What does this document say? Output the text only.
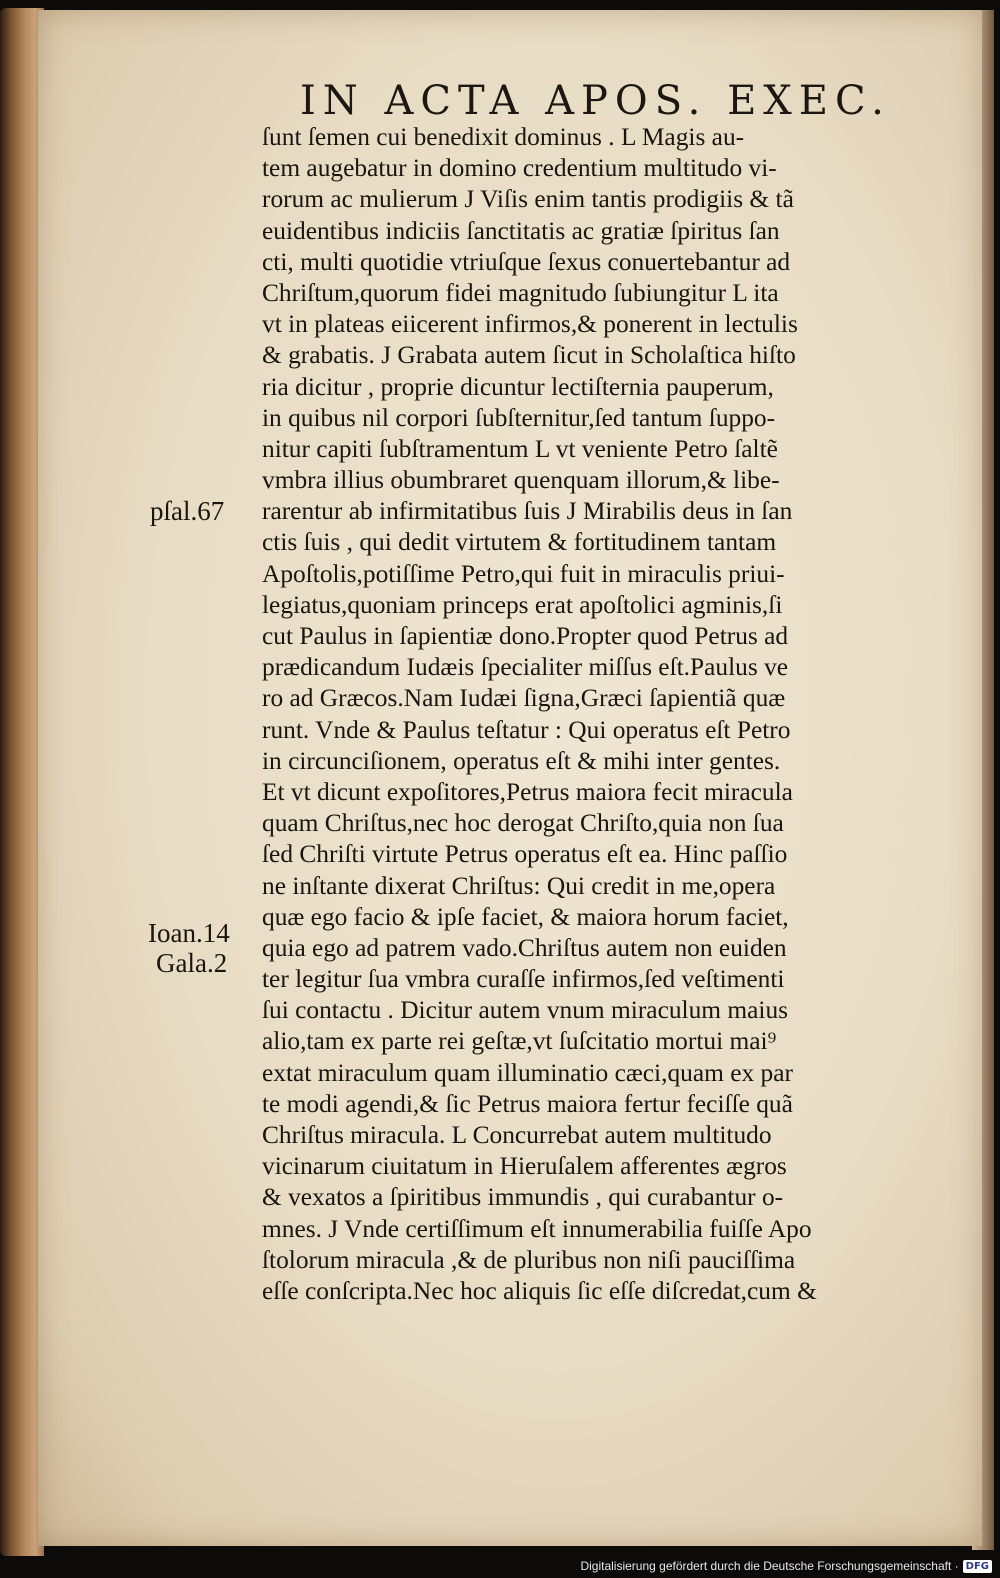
IN ACTA APOS. EXEC.
ſunt ſemen cui benedixit dominus . L Magis au-
tem augebatur in domino credentium multitudo vi-
rorum ac mulierum J Viſis enim tantis prodigiis & tã
euidentibus indiciis ſanctitatis ac gratiæ ſpiritus ſan
cti, multi quotidie vtriuſque ſexus conuertebantur ad
Chriſtum,quorum fidei magnitudo ſubiungitur L ita
vt in plateas eiicerent infirmos,& ponerent in lectulis
& grabatis. J Grabata autem ſicut in Scholaſtica hiſto
ria dicitur , proprie dicuntur lectiſternia pauperum,
in quibus nil corpori ſubſternitur,ſed tantum ſuppo-
nitur capiti ſubſtramentum L vt veniente Petro ſaltẽ
vmbra illius obumbraret quenquam illorum,& libe-
rarentur ab infirmitatibus ſuis J Mirabilis deus in ſan
ctis ſuis , qui dedit virtutem & fortitudinem tantam
Apoſtolis,potiſſime Petro,qui fuit in miraculis priui-
legiatus,quoniam princeps erat apoſtolici agminis,ſi
cut Paulus in ſapientiæ dono.Propter quod Petrus ad
prædicandum Iudæis ſpecialiter miſſus eſt.Paulus ve
ro ad Græcos.Nam Iudæi ſigna,Græci ſapientiã quæ
runt. Vnde & Paulus teſtatur : Qui operatus eſt Petro
in circunciſionem, operatus eſt & mihi inter gentes.
Et vt dicunt expoſitores,Petrus maiora fecit miracula
quam Chriſtus,nec hoc derogat Chriſto,quia non ſua
ſed Chriſti virtute Petrus operatus eſt ea. Hinc paſſio
ne inſtante dixerat Chriſtus: Qui credit in me,opera
quæ ego facio & ipſe faciet, & maiora horum faciet,
quia ego ad patrem vado.Chriſtus autem non euiden
ter legitur ſua vmbra curaſſe infirmos,ſed veſtimenti
ſui contactu . Dicitur autem vnum miraculum maius
alio,tam ex parte rei geſtæ,vt ſuſcitatio mortui mai⁹
extat miraculum quam illuminatio cæci,quam ex par
te modi agendi,& ſic Petrus maiora fertur feciſſe quã
Chriſtus miracula. L Concurrebat autem multitudo
vicinarum ciuitatum in Hieruſalem afferentes ægros
& vexatos a ſpiritibus immundis , qui curabantur o-
mnes. J Vnde certiſſimum eſt innumerabilia fuiſſe Apo
ſtolorum miracula ,& de pluribus non niſi pauciſſima
eſſe conſcripta.Nec hoc aliquis ſic eſſe diſcredat,cum &
pſal.67
Ioan.14
Gala.2
Digitalisierung gefördert durch die Deutsche Forschungsgemeinschaft · DFG
